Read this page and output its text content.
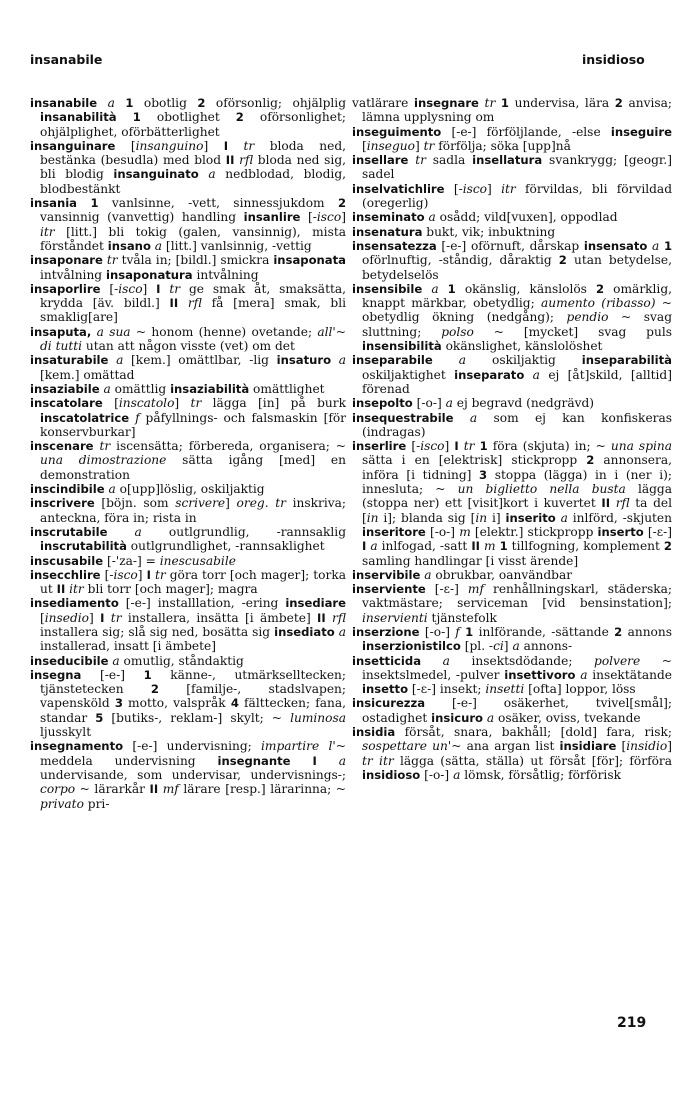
insanabile	insidioso

insanabile a 1 obotlig 2 oförsonlig; ohjälplig insanabilità 1 obotlighet 2 oförsonlighet; ohjälplighet, oförbätterlighet

insanguinare [insanguino] I tr bloda ned, bestänka (besudla) med blod II rfl bloda ned sig, bli blodig insanguinato a nedblodad, blodig, blodbestänkt

insania 1 vanlsinne, -vett, sinnessjukdom 2 vansinnig (vanvettig) handling insanlire [-isco] itr [litt.] bli tokig (galen, vansinnig), mista förståndet insano a [litt.] vanlsinnig, -vettig

insaponare tr tvåla in; [bildl.] smickra insaponata intvålning insaponatura intvålning

insaporlire [-isco] I tr ge smak åt, smaksätta, krydda [äv. bildl.] II rfl få [mera] smak, bli smaklig[are]

insaputa, a sua ~ honom (henne) ovetande; all'~ di tutti utan att någon visste (vet) om det

insaturabile a [kem.] omättlbar, -lig insaturo a [kem.] omättad

insaziabile a omättlig insaziabilità omättlighet

inscatolare [inscatolo] tr lägga [in] på burk inscatolatrice f påfyllnings- och falsmaskin [för konservburkar]

inscenare tr iscensätta; förbereda, organisera; ~ una dimostrazione sätta igång [med] en demonstration

inscindibile a o[upp]löslig, oskiljaktig

inscrivere [böjn. som scrivere] oreg. tr inskriva; anteckna, föra in; rista in

inscrutabile a outlgrundlig, -rannsaklig inscrutabilità outlgrundlighet, -rannsaklighet

inscusabile [-'za-] = inescusabile

insecchlire [-isco] I tr göra torr [och mager]; torka ut II itr bli torr [och mager]; magra

insediamento [-e-] installlation, -ering insediare [insedio] I tr installera, insätta [i ämbete] II rfl installera sig; slå sig ned, bosätta sig insediato a installerad, insatt [i ämbete]

inseducibile a omutlig, ståndaktig

insegna [-e-] 1 känne-, utmärkselltecken; tjänstetecken 2 [familje-, stadslvapen; vapensköld 3 motto, valspråk 4 fälttecken; fana, standar 5 [butiks-, reklam-] skylt; ~ luminosa ljusskylt

insegnamento [-e-] undervisning; impartire l'~ meddela undervisning insegnante I a undervisande, som undervisar, undervisnings-; corpo ~ lärarkår II mf lärare [resp.] lärarinna; ~ privato pri-

vatlärare insegnare tr 1 undervisa, lära 2 anvisa; lämna upplysning om

inseguimento [-e-] förföljlande, -else inseguire [inseguo] tr förfölja; söka [upp]nå

insellare tr sadla insellatura svankrygg; [geogr.] sadel

inselvatichlire [-isco] itr förvildas, bli förvildad (oregerlig)

inseminato a osådd; vild[vuxen], oppodlad

insenatura bukt, vik; inbuktning

insensatezza [-e-] oförnuft, dårskap insensato a 1 oförlnuftig, -ståndig, dåraktig 2 utan betydelse, betydelselös

insensibile a 1 okänslig, känslolös 2 omärklig, knappt märkbar, obetydlig; aumento (ribasso) ~ obetydlig ökning (nedgång); pendio ~ svag sluttning; polso ~ [mycket] svag puls insensibilità okänslighet, känslolöshet

inseparabile a oskiljaktig inseparabilità oskiljaktighet inseparato a ej [åt]skild, [alltid] förenad

insepolto [-o-] a ej begravd (nedgrävd)

insequestrabile a som ej kan konfiskeras (indragas)

inserlire [-isco] I tr 1 föra (skjuta) in; ~ una spina sätta i en [elektrisk] stickpropp 2 annonsera, införa [i tidning] 3 stoppa (lägga) in i (ner i); innesluta; ~ un biglietto nella busta lägga (stoppa ner) ett [visit]kort i kuvertet II rfl ta del [in i]; blanda sig [in i] inserito a inlförd, -skjuten inseritore [-o-] m [elektr.] stickpropp inserto [-ε-] I a inlfogad, -satt II m 1 tillfogning, komplement 2 samling handlingar [i visst ärende]

inservibile a obrukbar, oanvändbar

inserviente [-ε-] mf renhållningskarl, städerska; vaktmästare; serviceman [vid bensinstation]; inservienti tjänstefolk

inserzione [-o-] f 1 inlförande, -sättande 2 annons inserzionistilco [pl. -ci] a annons-

insetticida a insektsdödande; polvere ~ insektslmedel, -pulver insettivoro a insektätande insetto [-ε-] insekt; insetti [ofta] loppor, löss

insicurezza [-e-] osäkerhet, tvivel[smål]; ostadighet insicuro a osäker, oviss, tvekande

insidia försåt, snara, bakhåll; [dold] fara, risk; sospettare un'~ ana argan list insidiare [insidio] tr itr lägga (sätta, ställa) ut försåt [för]; förföra insidioso [-o-] a lömsk, försåtlig; förförisk

219
